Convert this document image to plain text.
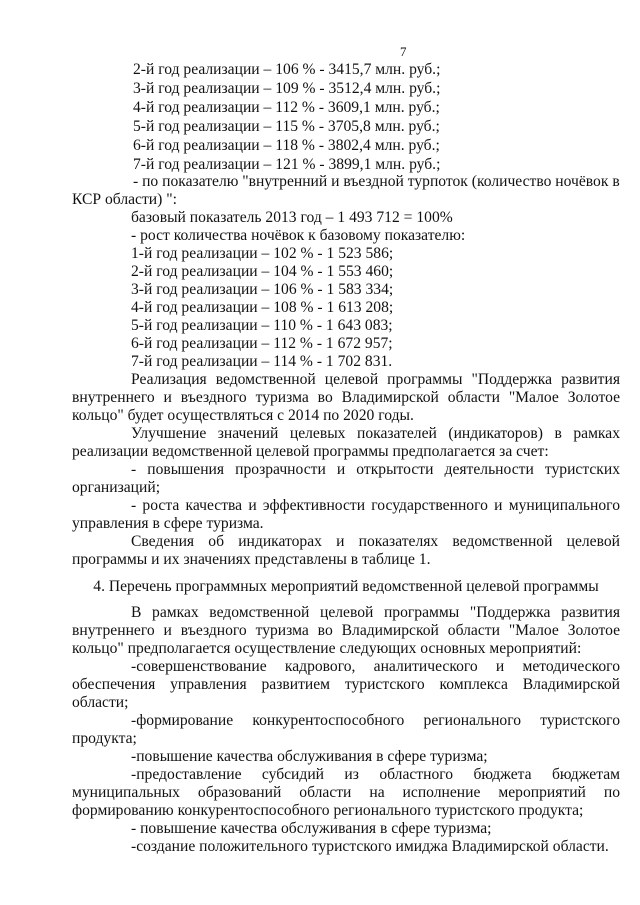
7
2-й год реализации – 106 % - 3415,7 млн. руб.;
3-й год реализации – 109 % - 3512,4 млн. руб.;
4-й год реализации – 112 % - 3609,1 млн. руб.;
5-й год реализации – 115 % - 3705,8 млн. руб.;
6-й год реализации – 118 % - 3802,4 млн. руб.;
7-й год реализации – 121 % - 3899,1 млн. руб.;
- по показателю "внутренний и въездной турпоток (количество ночёвок в
КСР области) ":
базовый показатель 2013 год – 1 493 712 = 100%
- рост количества ночёвок к базовому показателю:
1-й год реализации – 102 % - 1 523 586;
2-й год реализации – 104 % - 1 553 460;
3-й год реализации – 106 % - 1 583 334;
4-й год реализации – 108 % - 1 613 208;
5-й год реализации – 110 % - 1 643 083;
6-й год реализации – 112 % - 1 672 957;
7-й год реализации – 114 % - 1 702 831.
Реализация ведомственной целевой программы "Поддержка развития
внутреннего и въездного туризма во Владимирской области "Малое Золотое
кольцо" будет осуществляться с 2014 по 2020 годы.
Улучшение значений целевых показателей (индикаторов) в рамках
реализации ведомственной целевой программы предполагается за счет:
- повышения прозрачности и открытости деятельности туристских
организаций;
- роста качества и эффективности государственного и муниципального
управления в сфере туризма.
Сведения об индикаторах и показателях ведомственной целевой
программы и их значениях представлены в таблице 1.
4. Перечень программных мероприятий ведомственной целевой программы
В рамках ведомственной целевой программы "Поддержка развития
внутреннего и въездного туризма во Владимирской области "Малое Золотое
кольцо" предполагается осуществление следующих основных мероприятий:
-совершенствование кадрового, аналитического и методического
обеспечения управления развитием туристского комплекса Владимирской
области;
-формирование конкурентоспособного регионального туристского
продукта;
-повышение качества обслуживания в сфере туризма;
-предоставление субсидий из областного бюджета бюджетам
муниципальных образований области на исполнение мероприятий по
формированию конкурентоспособного регионального туристского продукта;
- повышение качества обслуживания в сфере туризма;
-создание положительного туристского имиджа Владимирской области.
